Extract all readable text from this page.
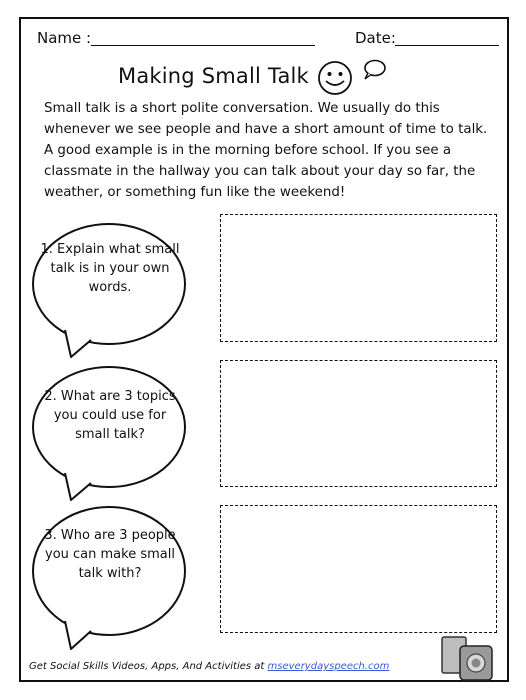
Name :	Date:
Making Small Talk
Small talk is a short polite conversation. We usually do this whenever we see people and have a short amount of time to talk. A good example is in the morning before school. If you see a classmate in the hallway you can talk about your day so far, the weather, or something fun like the weekend!
1. Explain what small talk is in your own words.
2. What are 3 topics you could use for small talk?
3. Who are 3 people you can make small talk with?
Get Social Skills Videos, Apps, And Activities at mseverydayspeech.com
